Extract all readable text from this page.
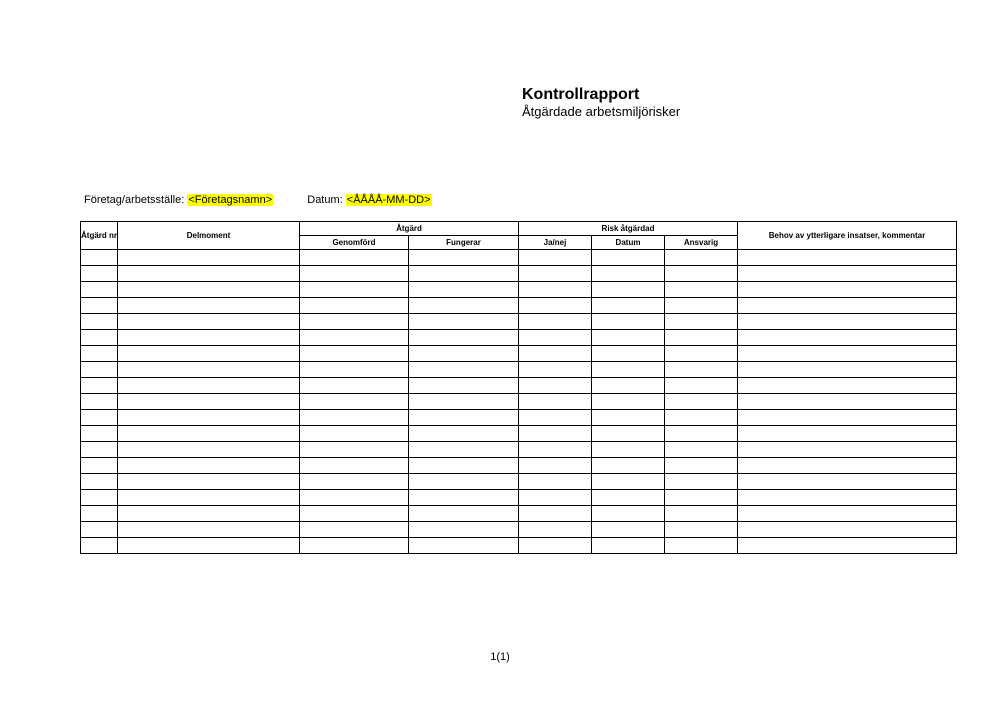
Kontrollrapport
Åtgärdade arbetsmiljörisker
Företag/arbetsställe: <Företagsnamn>	Datum: <ÅÅÅÅ-MM-DD>
Åtgärd nr	Delmoment	Åtgärd		Risk åtgärdad			Behov av ytterligare insatser, kommentar
		Genomförd	Fungerar	Ja/nej	Datum	Ansvarig	

1(1)
